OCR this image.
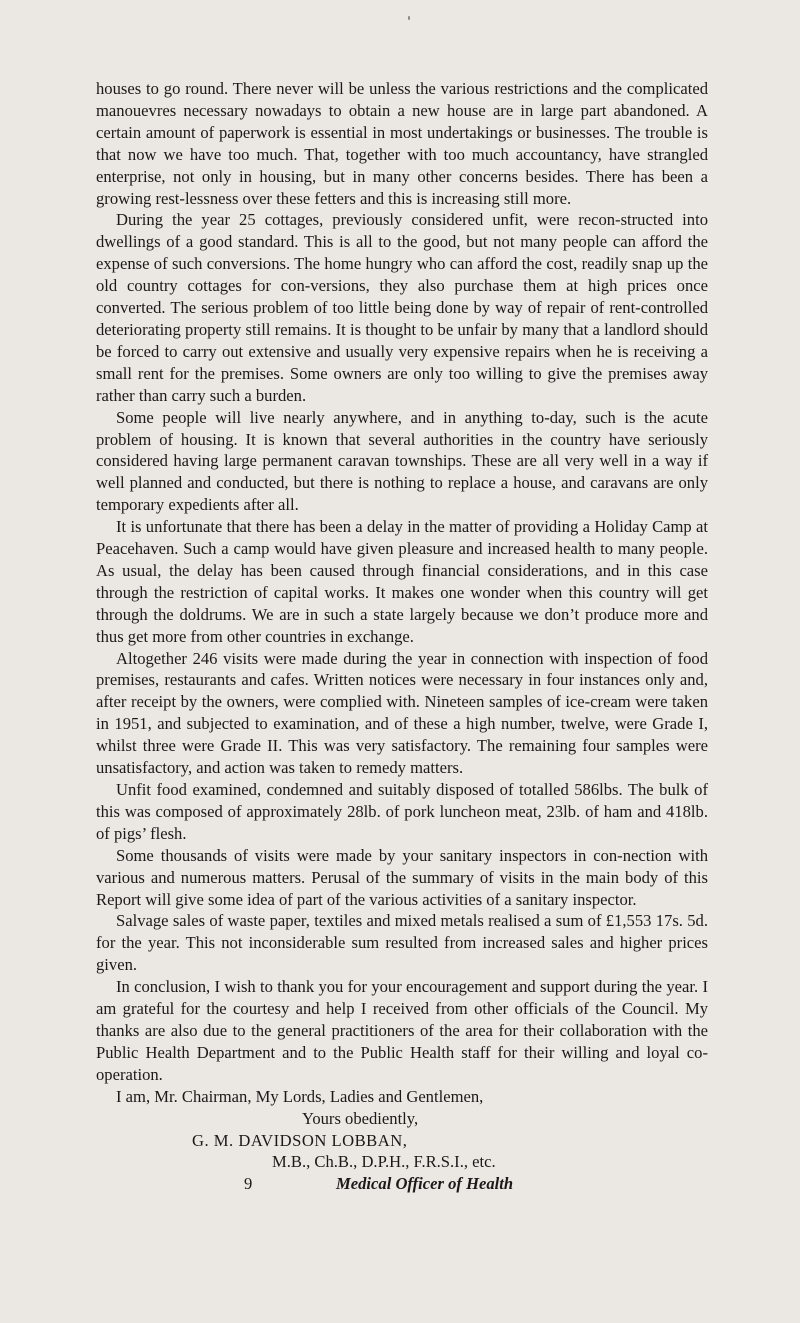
houses to go round. There never will be unless the various restrictions and the complicated manouevres necessary nowadays to obtain a new house are in large part abandoned. A certain amount of paperwork is essential in most undertakings or businesses. The trouble is that now we have too much. That, together with too much accountancy, have strangled enterprise, not only in housing, but in many other concerns besides. There has been a growing rest-lessness over these fetters and this is increasing still more.

During the year 25 cottages, previously considered unfit, were recon-structed into dwellings of a good standard. This is all to the good, but not many people can afford the expense of such conversions. The home hungry who can afford the cost, readily snap up the old country cottages for con-versions, they also purchase them at high prices once converted. The serious problem of too little being done by way of repair of rent-controlled deteriorating property still remains. It is thought to be unfair by many that a landlord should be forced to carry out extensive and usually very expensive repairs when he is receiving a small rent for the premises. Some owners are only too willing to give the premises away rather than carry such a burden.

Some people will live nearly anywhere, and in anything to-day, such is the acute problem of housing. It is known that several authorities in the country have seriously considered having large permanent caravan townships. These are all very well in a way if well planned and conducted, but there is nothing to replace a house, and caravans are only temporary expedients after all.

It is unfortunate that there has been a delay in the matter of providing a Holiday Camp at Peacehaven. Such a camp would have given pleasure and increased health to many people. As usual, the delay has been caused through financial considerations, and in this case through the restriction of capital works. It makes one wonder when this country will get through the doldrums. We are in such a state largely because we don’t produce more and thus get more from other countries in exchange.

Altogether 246 visits were made during the year in connection with inspection of food premises, restaurants and cafes. Written notices were necessary in four instances only and, after receipt by the owners, were complied with. Nineteen samples of ice-cream were taken in 1951, and subjected to examination, and of these a high number, twelve, were Grade I, whilst three were Grade II. This was very satisfactory. The remaining four samples were unsatisfactory, and action was taken to remedy matters.

Unfit food examined, condemned and suitably disposed of totalled 586lbs. The bulk of this was composed of approximately 28lb. of pork luncheon meat, 23lb. of ham and 418lb. of pigs’ flesh.

Some thousands of visits were made by your sanitary inspectors in con-nection with various and numerous matters. Perusal of the summary of visits in the main body of this Report will give some idea of part of the various activities of a sanitary inspector.

Salvage sales of waste paper, textiles and mixed metals realised a sum of £1,553 17s. 5d. for the year. This not inconsiderable sum resulted from increased sales and higher prices given.

In conclusion, I wish to thank you for your encouragement and support during the year. I am grateful for the courtesy and help I received from other officials of the Council. My thanks are also due to the general practitioners of the area for their collaboration with the Public Health Department and to the Public Health staff for their willing and loyal co-operation.

I am, Mr. Chairman, My Lords, Ladies and Gentlemen,

Yours obediently,

G. M. DAVIDSON LOBBAN,

M.B., Ch.B., D.P.H., F.R.S.I., etc.

9	Medical Officer of Health
